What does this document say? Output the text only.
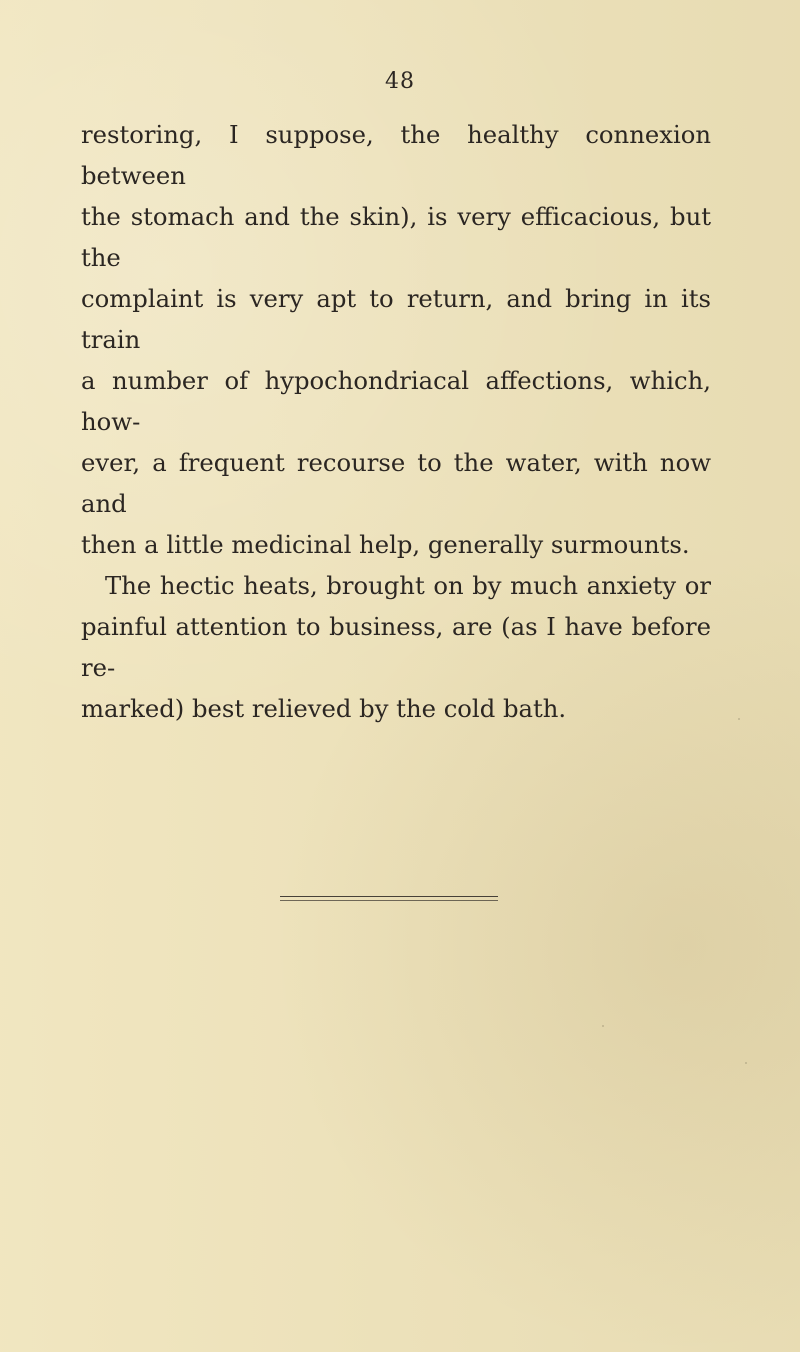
48
restoring, I suppose, the healthy connexion between
the stomach and the skin), is very efficacious, but the
complaint is very apt to return, and bring in its train
a number of hypochondriacal affections, which, how-
ever, a frequent recourse to the water, with now and
then a little medicinal help, generally surmounts.
The hectic heats, brought on by much anxiety or
painful attention to business, are (as I have before re-
marked) best relieved by the cold bath.
